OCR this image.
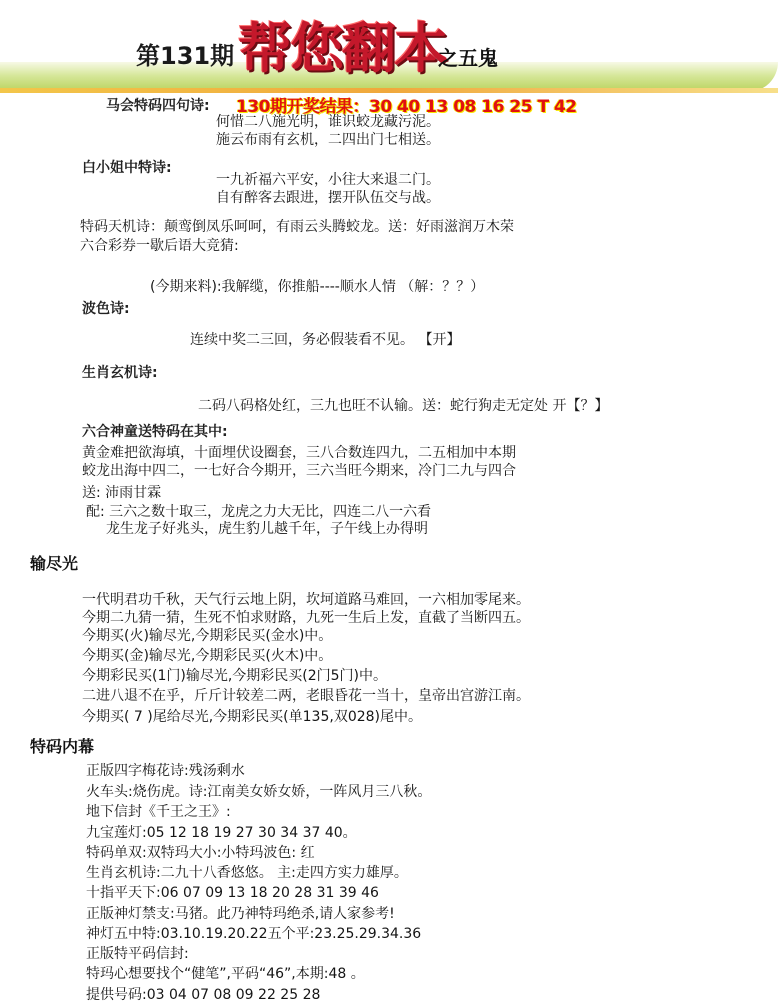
第131期 帮您翻本
之五鬼
马会特码四句诗: 130期开奖结果：30 40 13 08 16 25 T 42
何惜二八施光明，谁识蛟龙藏污泥。
施云布雨有玄机，二四出门七相送。
白小姐中特诗:
一九祈福六平安，小往大来退二门。
自有醉客去跟进，摆开队伍交与战。
特码天机诗：颠鸾倒凤乐呵呵，有雨云头腾蛟龙。送：好雨滋润万木荣
六合彩券一歇后语大竞猜:
(今期来料):我解缆，你推船----顺水人情 （解：？？）
波色诗:
连续中奖二三回，务必假装看不见。 【开】
生肖玄机诗:
二码八码格处红，三九也旺不认输。送：蛇行狗走无定处 开【？】
六合神童送特码在其中:
黄金难把欲海填，十面埋伏设圈套，三八合数连四九，二五相加中本期
蛟龙出海中四二，一七好合今期开，三六当旺今期来，冷门二九与四合
送: 沛雨甘霖
配: 三六之数十取三，龙虎之力大无比，四连二八一六看
龙生龙子好兆头，虎生豹儿越千年，子午线上办得明
输尽光
一代明君功千秋，天气行云地上阴，坎坷道路马难回，一六相加零尾来。
今期二九猜一猜，生死不怕求财路，九死一生后上发，直截了当断四五。
今期买(火)输尽光,今期彩民买(金水)中。
今期买(金)输尽光,今期彩民买(火木)中。
今期彩民买(1门)输尽光,今期彩民买(2门5门)中。
二进八退不在乎，斤斤计较差二两，老眼昏花一当十，皇帝出宫游江南。
今期买( 7 )尾给尽光,今期彩民买(单135,双028)尾中。
特码内幕
正版四字梅花诗:残汤剩水
火车头:烧伤虎。诗:江南美女娇女娇，一阵风月三八秋。
地下信封《千王之王》:
九宝莲灯:05 12 18 19 27 30 34 37 40。
特码单双:双特玛大小:小特玛波色: 红
生肖玄机诗:二九十八香悠悠。 主:走四方实力雄厚。
十指平天下:06 07 09 13 18 20 28 31 39 46
正版神灯禁支:马猪。此乃神特玛绝杀,请人家参考!
神灯五中特:03.10.19.20.22五个平:23.25.29.34.36
正版特平码信封:
特玛心想要找个“健笔”,平码“46”,本期:48 。
提供号码:03 04 07 08 09 22 25 28
